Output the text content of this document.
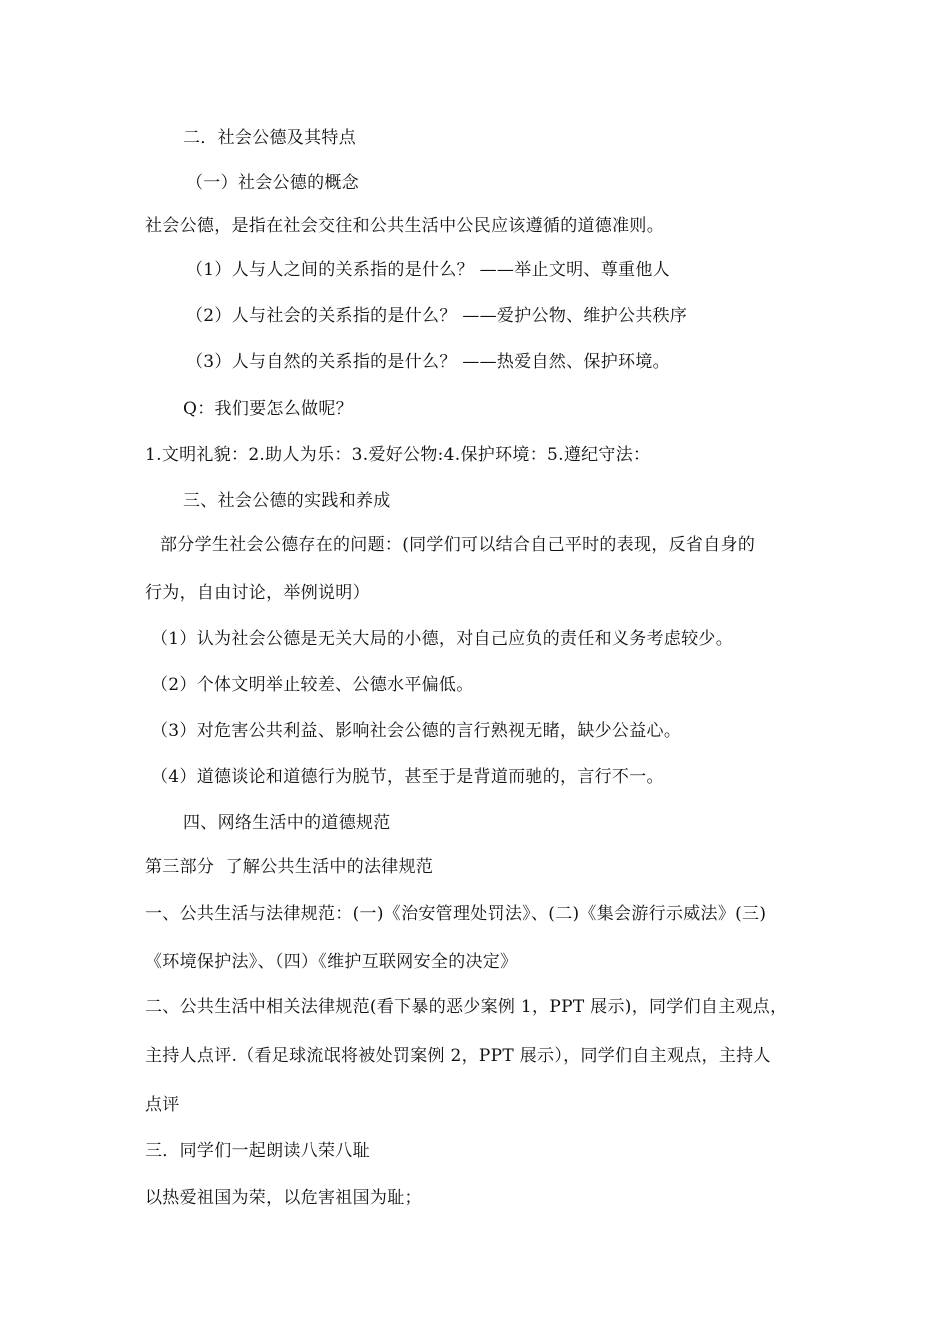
二．社会公德及其特点
（一）社会公德的概念
社会公德，是指在社会交往和公共生活中公民应该遵循的道德准则。
（1）人与人之间的关系指的是什么？ ——举止文明、尊重他人
（2）人与社会的关系指的是什么？ ——爱护公物、维护公共秩序
（3）人与自然的关系指的是什么？ ——热爱自然、保护环境。
Q：我们要怎么做呢？
1.文明礼貌：2.助人为乐：3.爱好公物:4.保护环境：5.遵纪守法：
三、社会公德的实践和养成
部分学生社会公德存在的问题：(同学们可以结合自己平时的表现，反省自身的
行为，自由讨论，举例说明）
（1）认为社会公德是无关大局的小德，对自己应负的责任和义务考虑较少。
（2）个体文明举止较差、公德水平偏低。
（3）对危害公共利益、影响社会公德的言行熟视无睹，缺少公益心。
（4）道德谈论和道德行为脱节，甚至于是背道而驰的，言行不一。
四、网络生活中的道德规范
第三部分  了解公共生活中的法律规范
一、公共生活与法律规范：(一)《治安管理处罚法》、(二)《集会游行示威法》(三)
《环境保护法》、（四）《维护互联网安全的决定》
二、公共生活中相关法律规范(看下暴的恶少案例 1，PPT 展示)，同学们自主观点，
主持人点评.（看足球流氓将被处罚案例 2，PPT 展示），同学们自主观点，主持人
点评
三．同学们一起朗读八荣八耻
以热爱祖国为荣，以危害祖国为耻；
